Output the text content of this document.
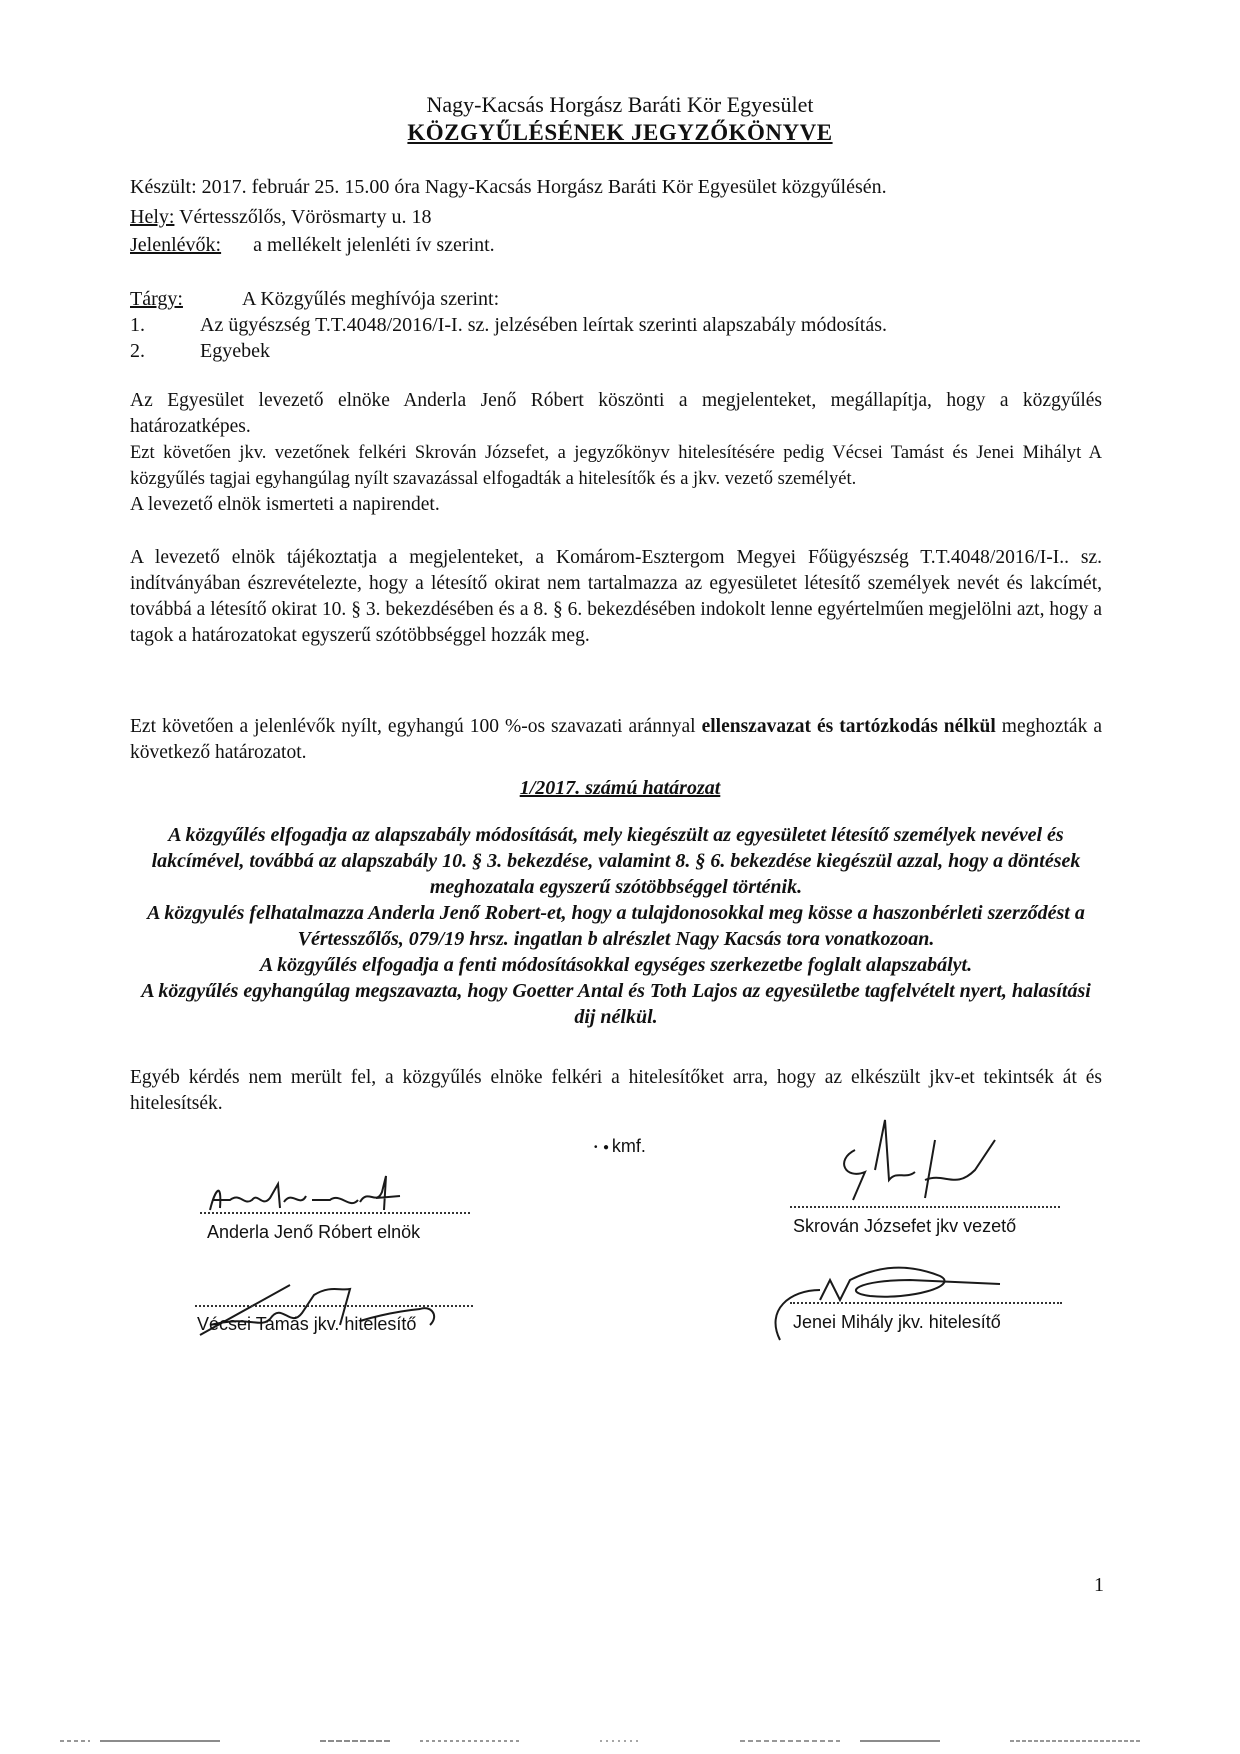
Nagy-Kacsás Horgász Baráti Kör Egyesület
KÖZGYŰLÉSÉNEK JEGYZŐKÖNYVE
Készült: 2017. február 25. 15.00 óra Nagy-Kacsás Horgász Baráti Kör Egyesület közgyűlésén.
Hely: Vértesszőlős, Vörösmarty u. 18
Jelenlévők: a mellékelt jelenléti ív szerint.
Tárgy:	A Közgyűlés meghívója szerint:
1.	Az ügyészség T.T.4048/2016/I-I. sz. jelzésében leírtak szerinti alapszabály módosítás.
2.	Egyebek

Az Egyesület levezető elnöke Anderla Jenő Róbert köszönti a megjelenteket, megállapítja, hogy a közgyűlés határozatképes.

Ezt követően jkv. vezetőnek felkéri Skrován Józsefet, a jegyzőkönyv hitelesítésére pedig Vécsei Tamást és Jenei Mihályt A közgyűlés tagjai egyhangúlag nyílt szavazással elfogadták a hitelesítők és a jkv. vezető személyét.

A levezető elnök ismerteti a napirendet.

A levezető elnök tájékoztatja a megjelenteket, a Komárom-Esztergom Megyei Főügyészség T.T.4048/2016/I-I.. sz. indítványában észrevételezte, hogy a létesítő okirat nem tartalmazza az egyesületet létesítő személyek nevét és lakcímét, továbbá a létesítő okirat 10. § 3. bekezdésében és a 8. § 6. bekezdésében indokolt lenne egyértelműen megjelölni azt, hogy a tagok a határozatokat egyszerű szótöbbséggel hozzák meg.
Ezt követően a jelenlévők nyílt, egyhangú 100 %-os szavazati aránnyal ellenszavazat és tartózkodás nélkül meghozták a következő határozatot.
1/2017. számú határozat

A közgyűlés elfogadja az alapszabály módosítását, mely kiegészült az egyesületet létesítő személyek nevével és lakcímével, továbbá az alapszabály 10. § 3. bekezdése, valamint 8. § 6. bekezdése kiegészül azzal, hogy a döntések meghozatala egyszerű szótöbbséggel történik.

A közgyulés felhatalmazza Anderla Jenő Robert-et, hogy a tulajdonosokkal meg kösse a haszonbérleti szerződést a Vértesszőlős, 079/19 hrsz. ingatlan b alrészlet Nagy Kacsás tora vonatkozoan.

A közgyűlés elfogadja a fenti módosításokkal egységes szerkezetbe foglalt alapszabályt.

A közgyűlés egyhangúlag megszavazta, hogy Goetter Antal és Toth Lajos az egyesületbe tagfelvételt nyert, halasítási dij nélkül.

Egyéb kérdés nem merült fel, a közgyűlés elnöke felkéri a hitelesítőket arra, hogy az elkészült jkv-et tekintsék át és hitelesítsék.
•  ● kmf.
Anderla Jenő Róbert elnök	Skrován Józsefet jkv vezető
Vécsei Tamás jkv. hitelesítő	Jenei Mihály jkv. hitelesítő
1
